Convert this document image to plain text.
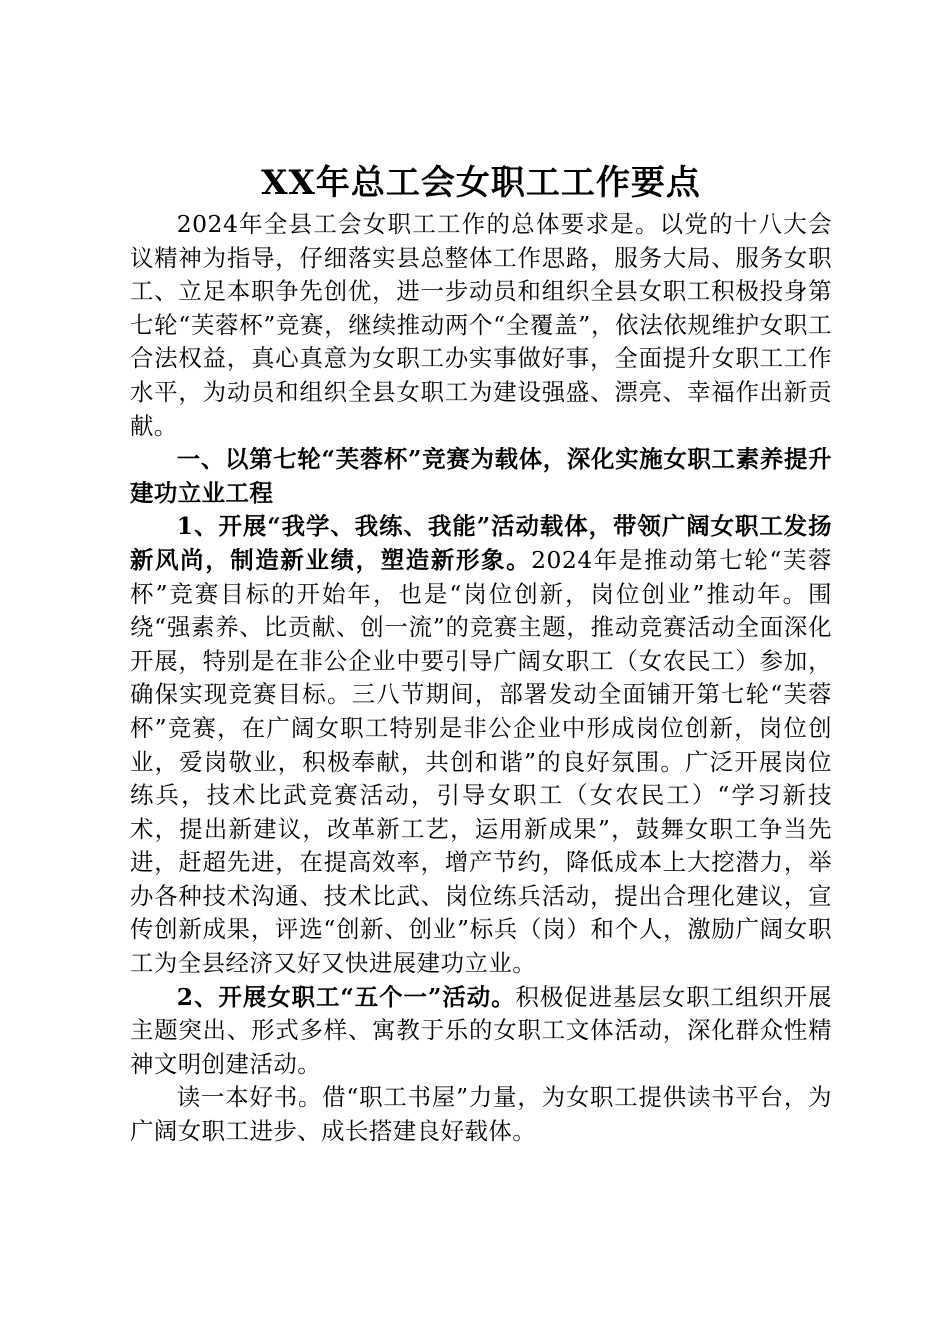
XX年总工会女职工工作要点

2024年全县工会女职工工作的总体要求是。以党的十八大会议精神为指导，仔细落实县总整体工作思路，服务大局、服务女职工、立足本职争先创优，进一步动员和组织全县女职工积极投身第七轮“芙蓉杯”竞赛，继续推动两个“全覆盖”，依法依规维护女职工合法权益，真心真意为女职工办实事做好事，全面提升女职工工作水平，为动员和组织全县女职工为建设强盛、漂亮、幸福作出新贡献。

一、以第七轮“芙蓉杯”竞赛为载体，深化实施女职工素养提升建功立业工程

1、开展“我学、我练、我能”活动载体，带领广阔女职工发扬新风尚，制造新业绩，塑造新形象。2024年是推动第七轮“芙蓉杯”竞赛目标的开始年，也是“岗位创新，岗位创业”推动年。围绕“强素养、比贡献、创一流”的竞赛主题，推动竞赛活动全面深化开展，特别是在非公企业中要引导广阔女职工（女农民工）参加，确保实现竞赛目标。三八节期间，部署发动全面铺开第七轮“芙蓉杯”竞赛，在广阔女职工特别是非公企业中形成岗位创新，岗位创业，爱岗敬业，积极奉献，共创和谐”的良好氛围。广泛开展岗位练兵，技术比武竞赛活动，引导女职工（女农民工）“学习新技术，提出新建议，改革新工艺，运用新成果”，鼓舞女职工争当先进，赶超先进，在提高效率，增产节约，降低成本上大挖潜力，举办各种技术沟通、技术比武、岗位练兵活动，提出合理化建议，宣传创新成果，评选“创新、创业”标兵（岗）和个人，激励广阔女职工为全县经济又好又快进展建功立业。

2、开展女职工“五个一”活动。积极促进基层女职工组织开展主题突出、形式多样、寓教于乐的女职工文体活动，深化群众性精神文明创建活动。

读一本好书。借“职工书屋”力量，为女职工提供读书平台，为广阔女职工进步、成长搭建良好载体。
